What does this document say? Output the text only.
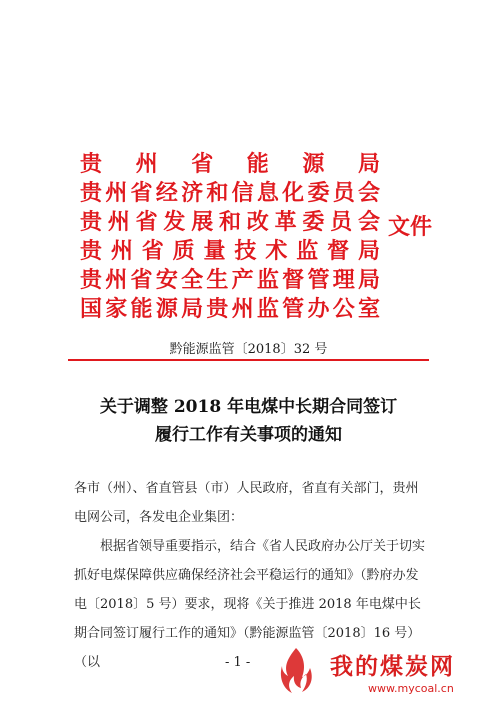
贵 州 省 能 源 局
贵州省经济和信息化委员会
贵州省发展和改革委员会
贵州省质量技术监督局
贵州省安全生产监督管理局
国家能源局贵州监管办公室
文件
黔能源监管〔2018〕32 号
关于调整 2018 年电煤中长期合同签订
履行工作有关事项的通知

各市（州）、省直管县（市）人民政府，省直有关部门，贵州电网公司，各发电企业集团：

根据省领导重要指示，结合《省人民政府办公厅关于切实抓好电煤保障供应确保经济社会平稳运行的通知》（黔府办发电〔2018〕5 号）要求，现将《关于推进 2018 年电煤中长期合同签订履行工作的通知》（黔能源监管〔2018〕16 号）（以	- 1 -	我的煤炭网
www.mycoal.cn
